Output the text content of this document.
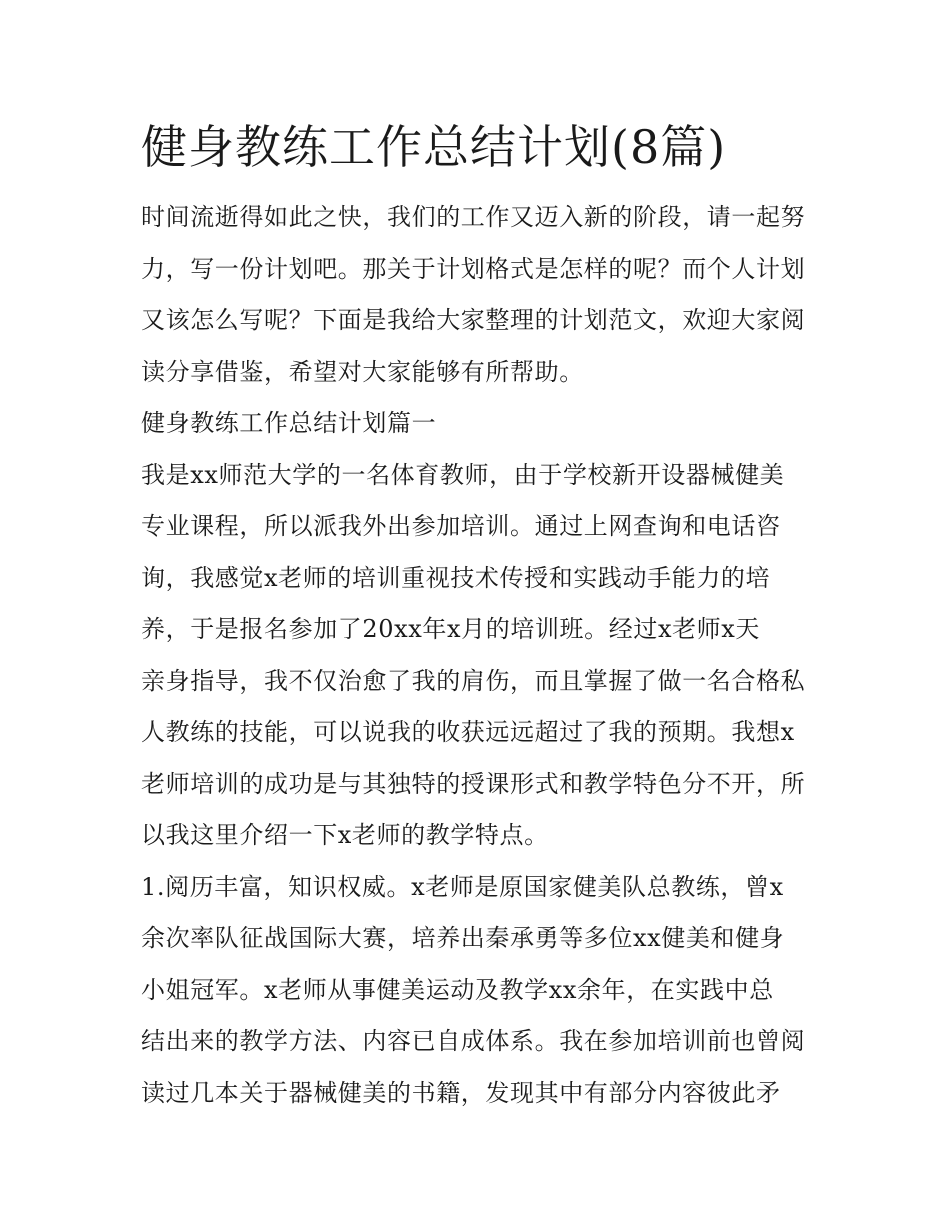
健身教练工作总结计划(8篇)
时间流逝得如此之快，我们的工作又迈入新的阶段，请一起努
力，写一份计划吧。那关于计划格式是怎样的呢？而个人计划
又该怎么写呢？下面是我给大家整理的计划范文，欢迎大家阅
读分享借鉴，希望对大家能够有所帮助。
健身教练工作总结计划篇一
我是xx师范大学的一名体育教师，由于学校新开设器械健美
专业课程，所以派我外出参加培训。通过上网查询和电话咨
询，我感觉x老师的培训重视技术传授和实践动手能力的培
养，于是报名参加了20xx年x月的培训班。经过x老师x天
亲身指导，我不仅治愈了我的肩伤，而且掌握了做一名合格私
人教练的技能，可以说我的收获远远超过了我的预期。我想x
老师培训的成功是与其独特的授课形式和教学特色分不开，所
以我这里介绍一下x老师的教学特点。
1.阅历丰富，知识权威。x老师是原国家健美队总教练，曾x
余次率队征战国际大赛，培养出秦承勇等多位xx健美和健身
小姐冠军。x老师从事健美运动及教学xx余年，在实践中总
结出来的教学方法、内容已自成体系。我在参加培训前也曾阅
读过几本关于器械健美的书籍，发现其中有部分内容彼此矛
